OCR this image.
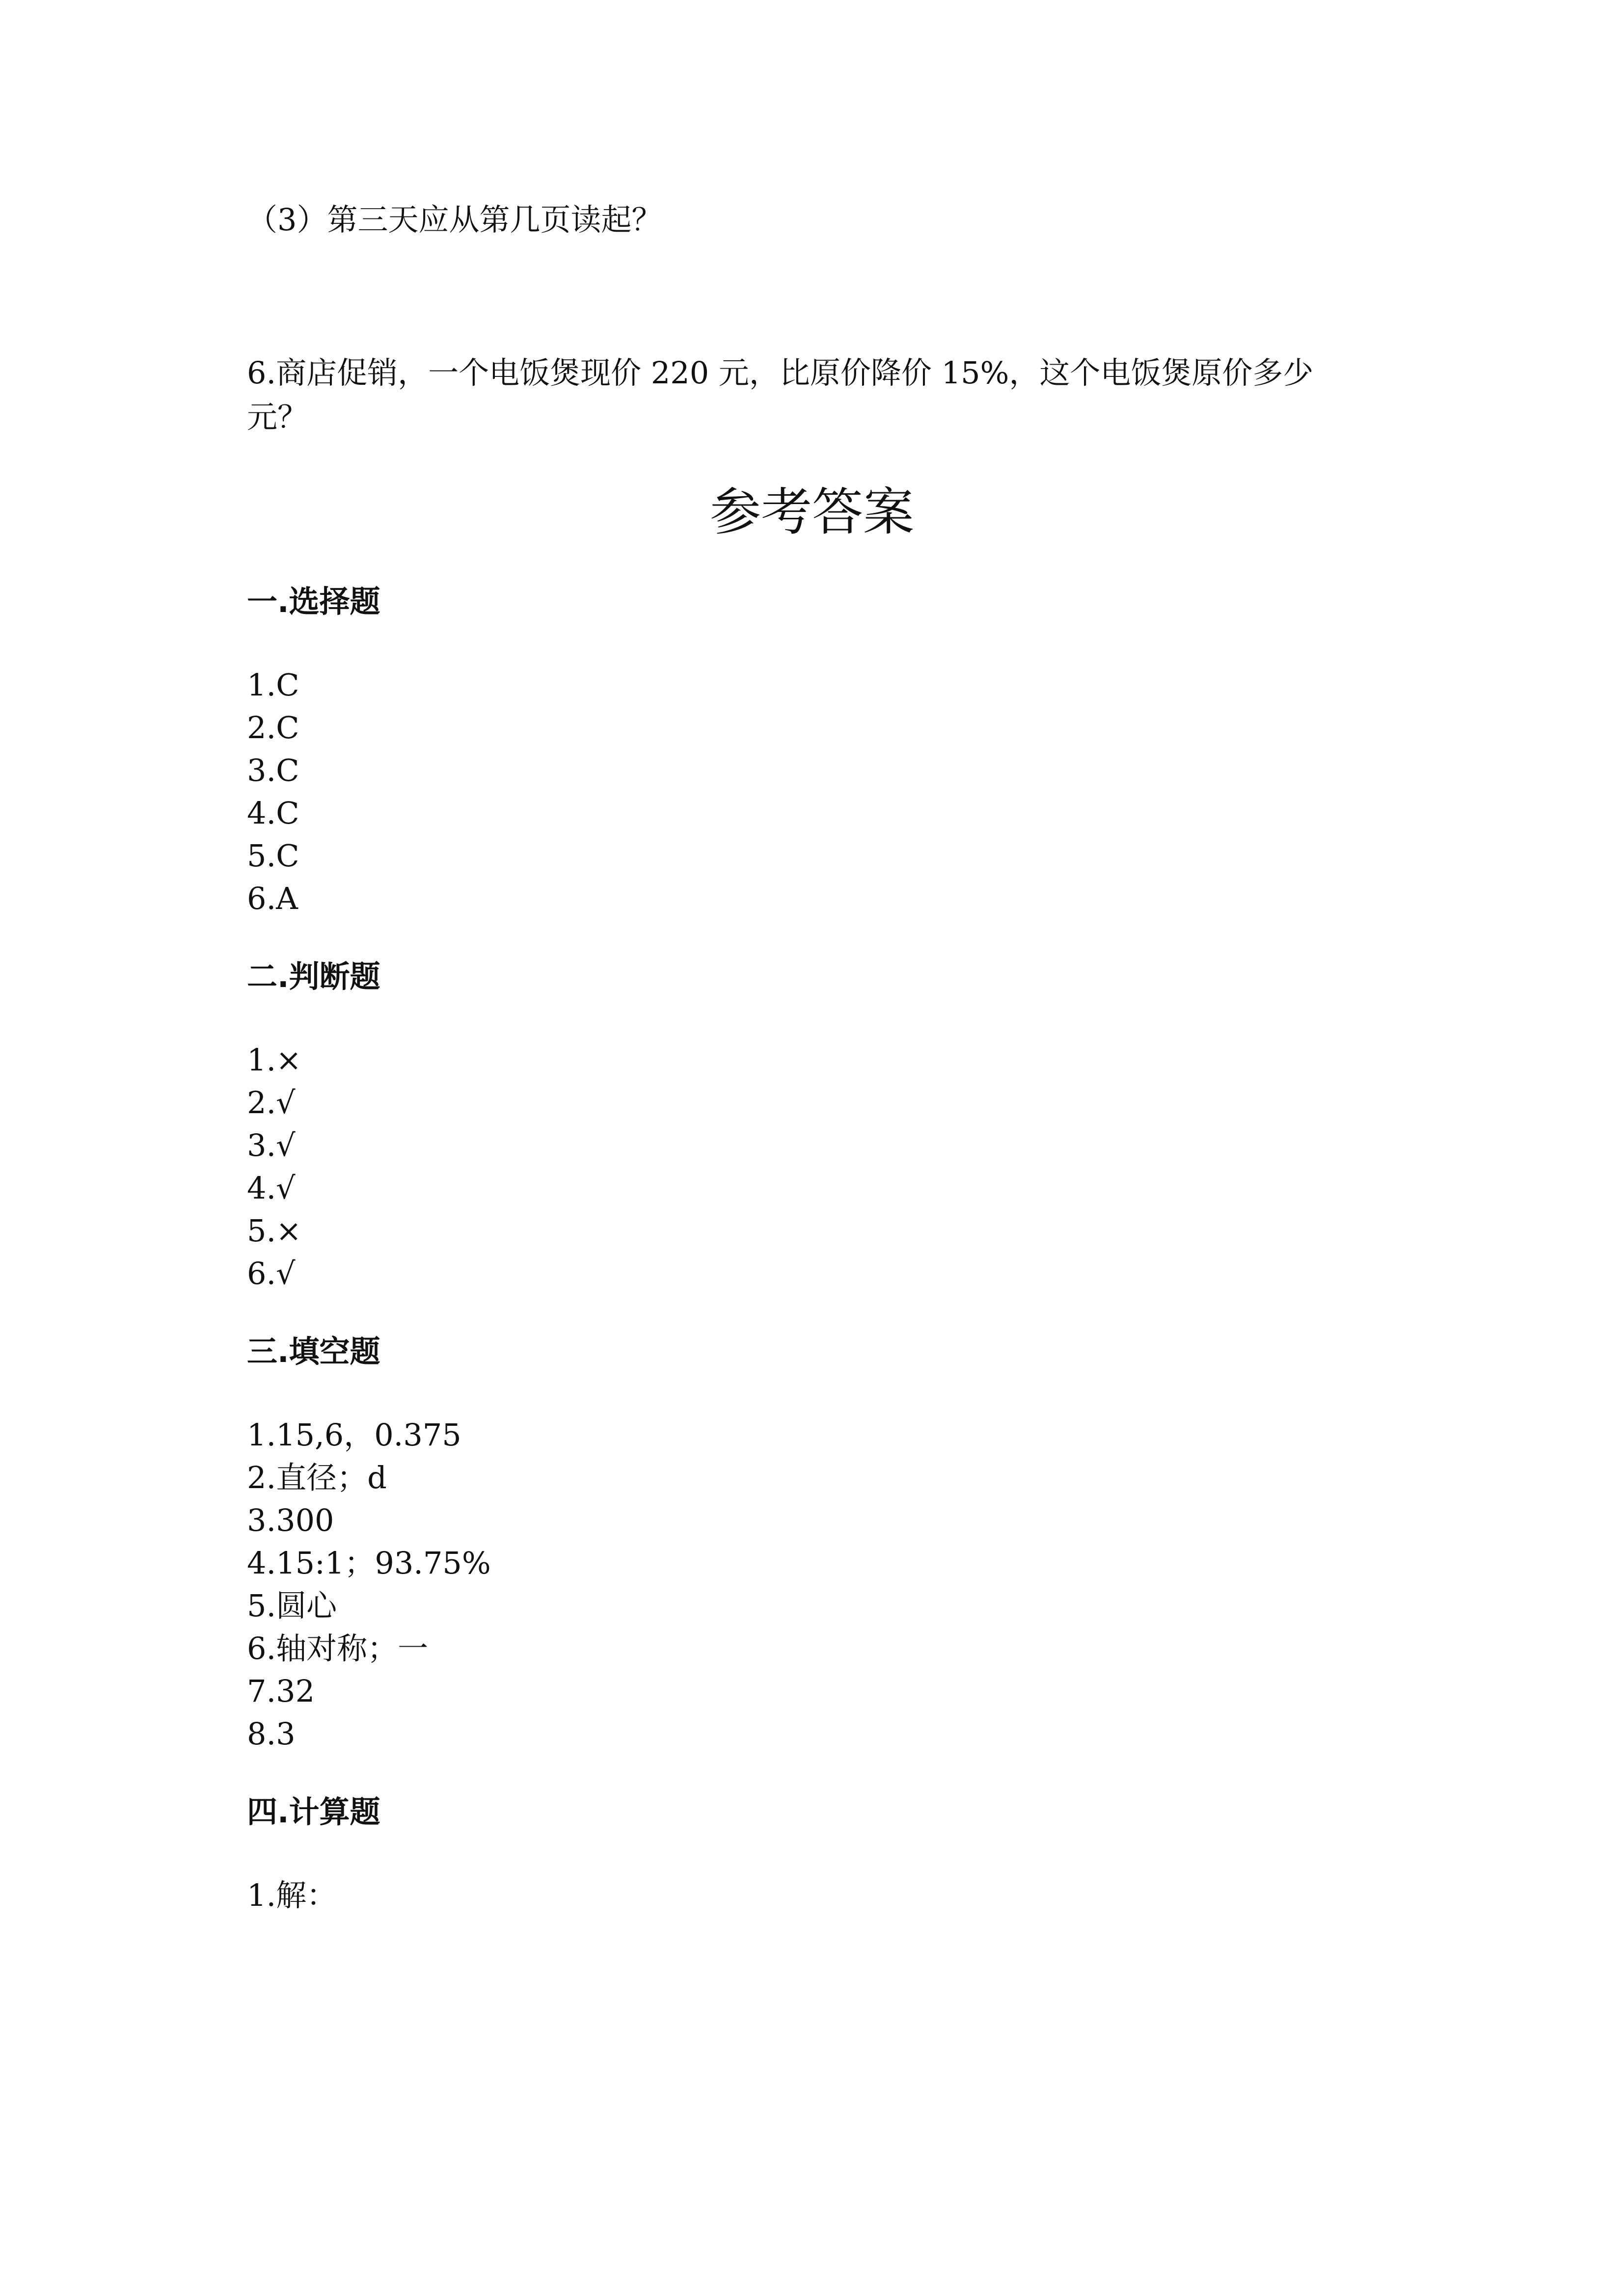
（3）第三天应从第几页读起？
6.商店促销，一个电饭煲现价 220 元，比原价降价 15%，这个电饭煲原价多少
元？
参考答案
一.选择题
1.C
2.C
3.C
4.C
5.C
6.A
二.判断题
1.×
2.√
3.√
4.√
5.×
6.√
三.填空题
1.15,6，0.375
2.直径；d
3.300
4.15:1；93.75%
5.圆心
6.轴对称；一
7.32
8.3
四.计算题
1.解：
